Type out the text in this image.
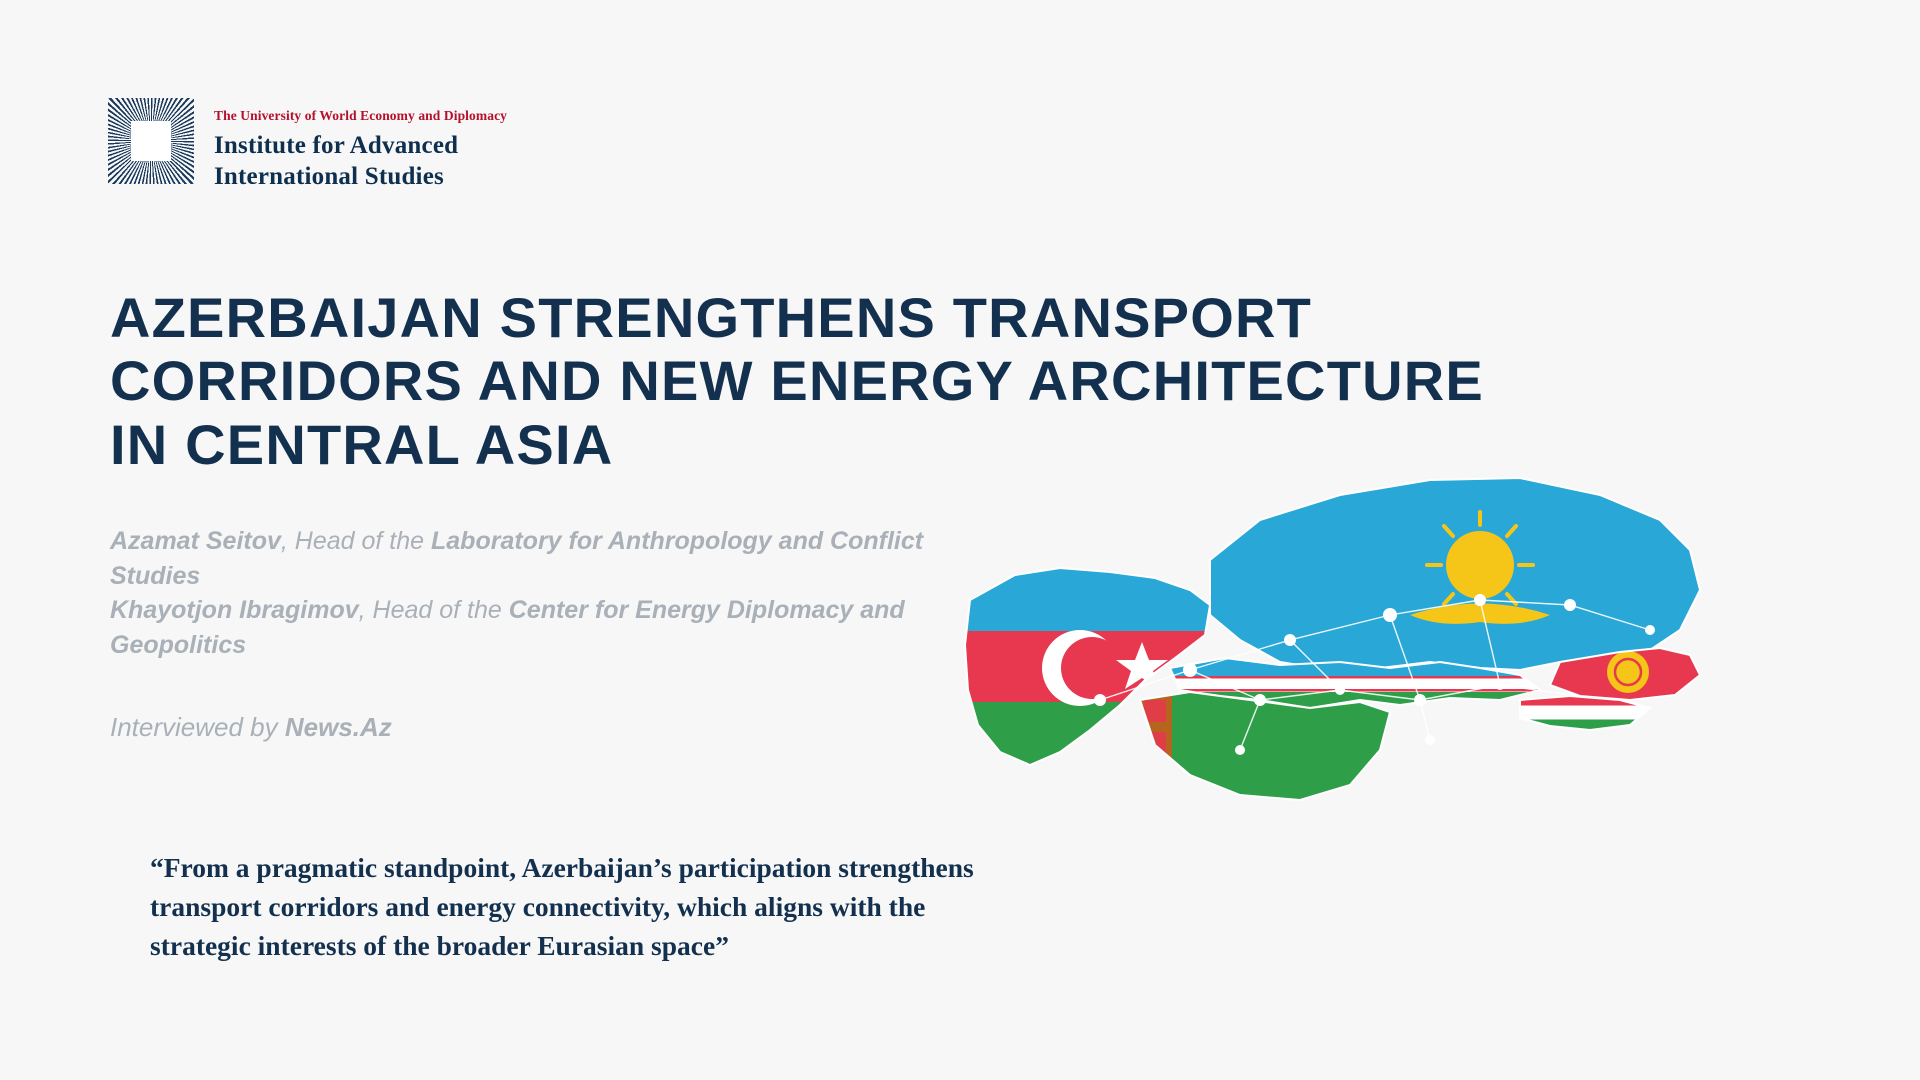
The University of World Economy and Diplomacy
Institute for Advanced
International Studies
AZERBAIJAN STRENGTHENS TRANSPORT CORRIDORS AND NEW ENERGY ARCHITECTURE IN CENTRAL ASIA
Azamat Seitov, Head of the Laboratory for Anthropology and Conflict Studies
Khayotjon Ibragimov, Head of the Center for Energy Diplomacy and Geopolitics
Interviewed by News.Az
“From a pragmatic standpoint, Azerbaijan’s participation strengthens transport corridors and energy connectivity, which aligns with the strategic interests of the broader Eurasian space”
